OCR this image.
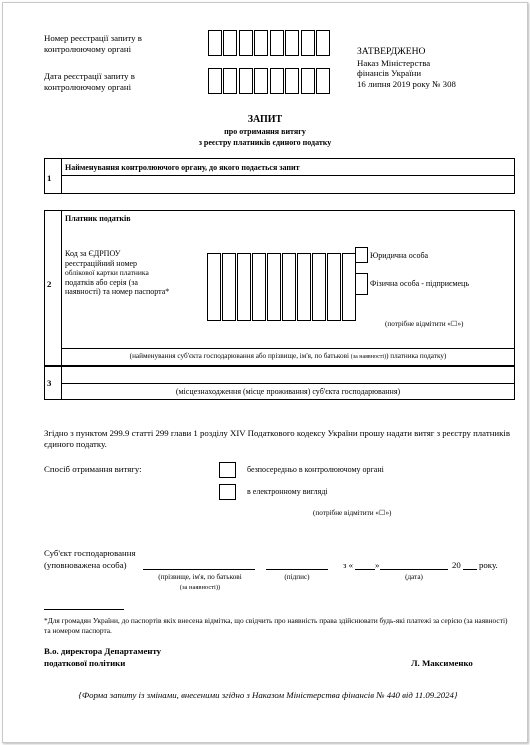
Номер реєстрації запиту в контролюючому органі
Дата реєстрації запиту в контролюючому органі
ЗАТВЕРДЖЕНО
Наказ Міністерства
фінансів України
16 липня 2019 року № 308
ЗАПИТ
про отримання витягу
з реєстру платників єдиного податку
1
Найменування контролюючого органу, до якого подається запит
2
Платник податків
Код за ЄДРПОУ
реєстраційний номер
облікової картки платника
податків або серія (за
наявності) та номер паспорта*
Юридична особа
Фізична особа - підприємець
(потрібне відмітити «☐»)
(найменування суб'єкта господарювання або прізвище, ім'я, по батькові (за наявності)) платника податку)
3
(місцезнаходження (місце проживання) суб'єкта господарювання)
Згідно з пунктом 299.9 статті 299 глави 1 розділу XIV Податкового кодексу України прошу надати витяг з реєстру платників єдиного податку.
Спосіб отримання витягу:	безпосередньо в контролюючому органі
в електронному вигляді
(потрібне відмітити «☐»)
Суб'єкт господарювання
(уповноважена особа)	з « »	20 року.
(прізвище, ім'я, по батькові
(за наявності))
(підпис)	(дата)
*Для громадян України, до паспортів якіх внесена відмітка, що свідчить про наявність права здійснювати будь-які платежі за серією (за наявності) та номером паспорта.
В.о. директора Департаменту
податкової політики	Л. Максименко
{Форма запиту із змінами, внесеними згідно з Наказом Міністерства фінансів № 440 від 11.09.2024}
